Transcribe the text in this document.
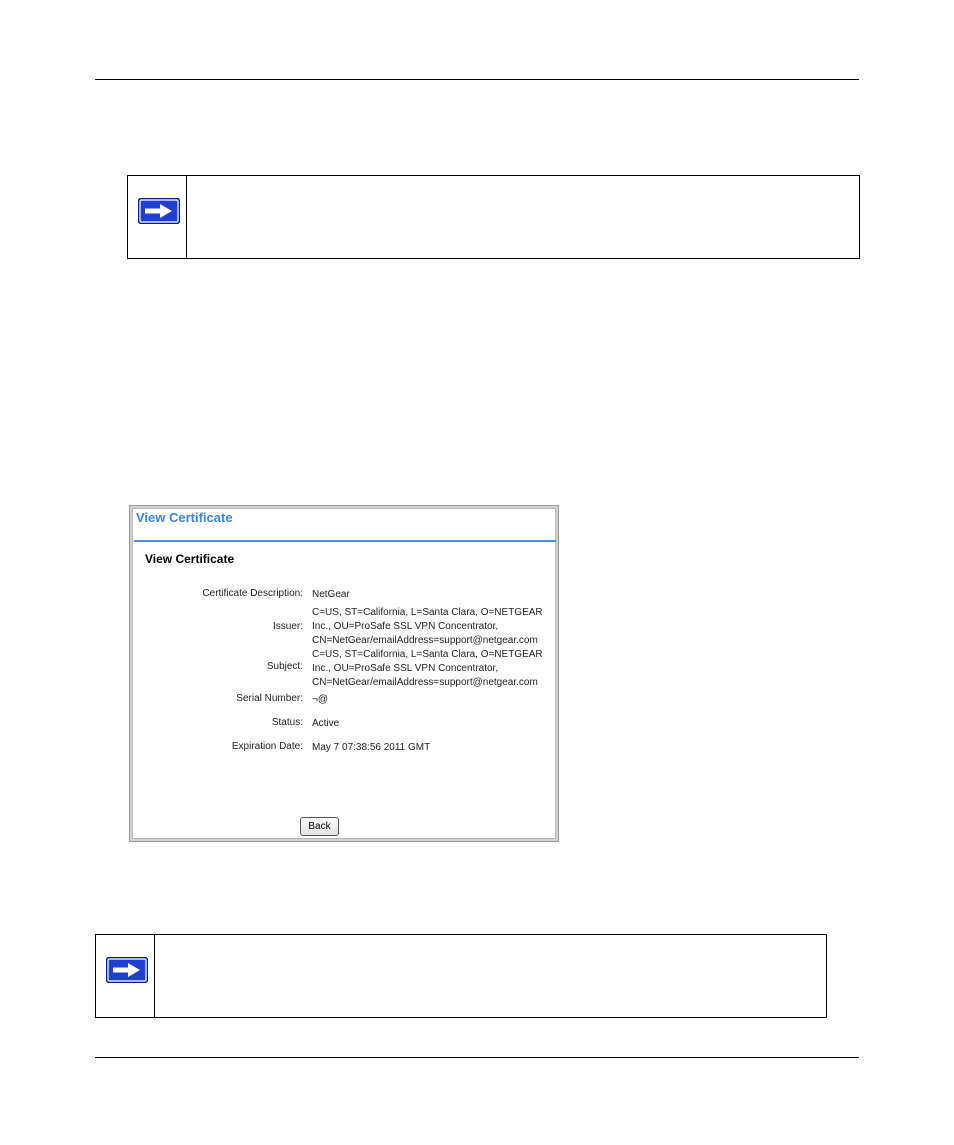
View Certificate
View Certificate
Certificate Description: NetGear
Issuer:
C=US, ST=California, L=Santa Clara, O=NETGEAR
Inc., OU=ProSafe SSL VPN Concentrator,
CN=NetGear/emailAddress=support@netgear.com
Subject:
C=US, ST=California, L=Santa Clara, O=NETGEAR
Inc., OU=ProSafe SSL VPN Concentrator,
CN=NetGear/emailAddress=support@netgear.com
Serial Number: ¬@
Status: Active
Expiration Date: May 7 07:38:56 2011 GMT
Back
